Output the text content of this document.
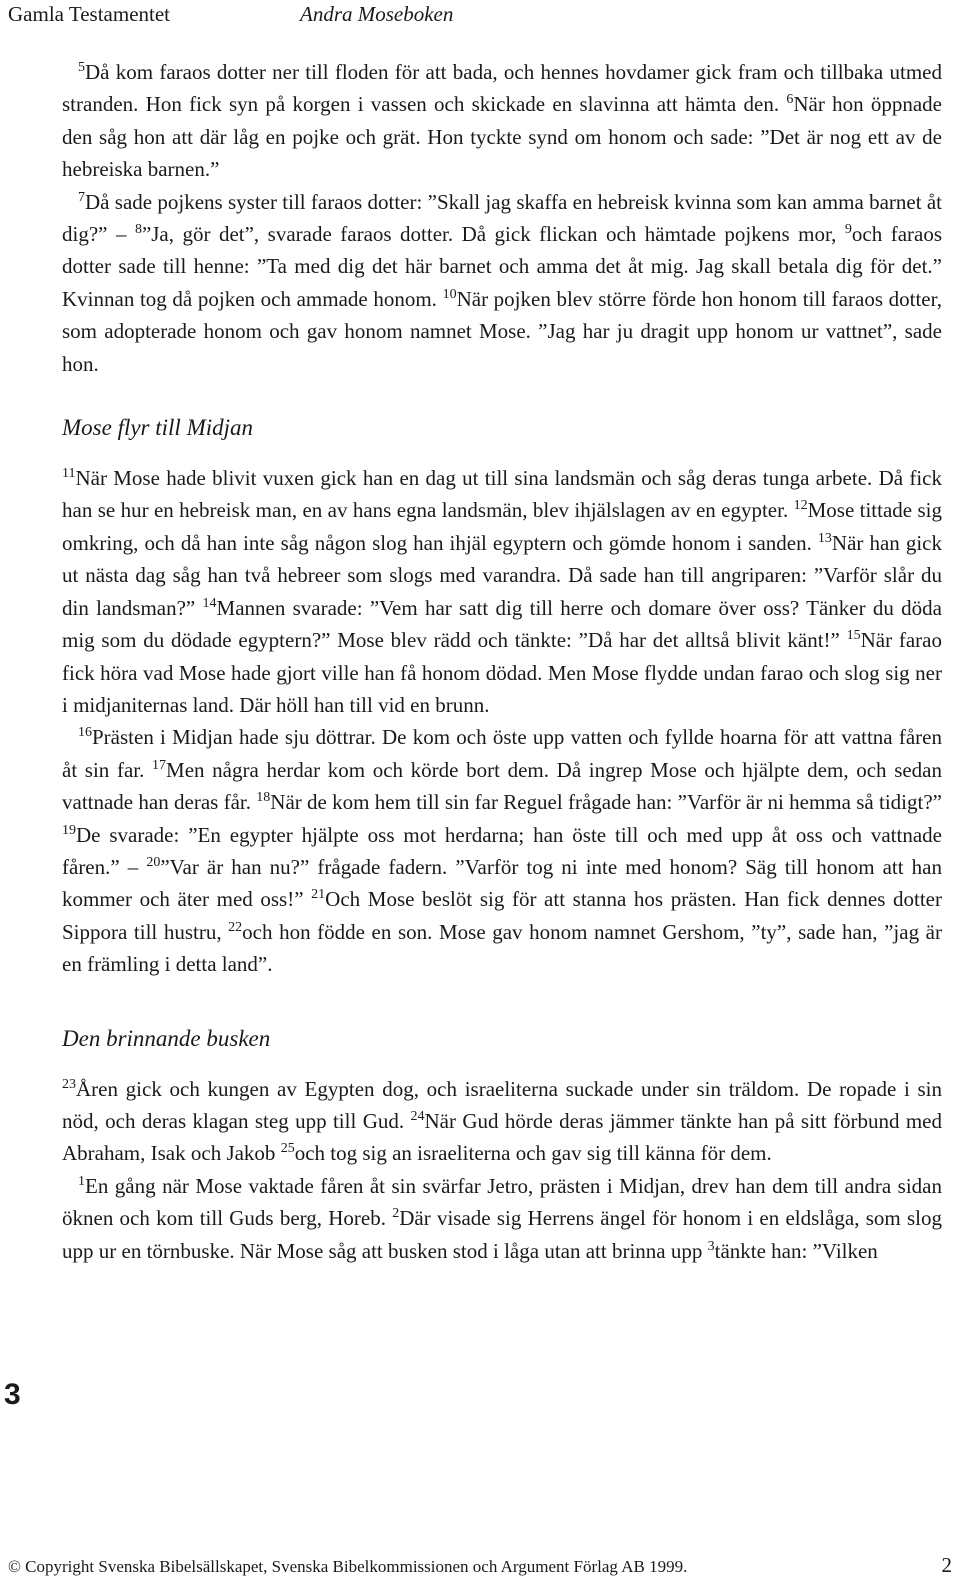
Gamla Testamentet	Andra Moseboken

$^5$Då kom faraos dotter ner till floden för att bada, och hennes hovdamer gick fram och tillbaka utmed stranden. Hon fick syn på korgen i vassen och skickade en slavinna att hämta den. $^6$När hon öppnade den såg hon att där låg en pojke och grät. Hon tyckte synd om honom och sade: ”Det är nog ett av de hebreiska barnen.”

$^7$Då sade pojkens syster till faraos dotter: ”Skall jag skaffa en hebreisk kvinna som kan amma barnet åt dig?” – $^8$”Ja, gör det”, svarade faraos dotter. Då gick flickan och hämtade pojkens mor, $^9$och faraos dotter sade till henne: ”Ta med dig det här barnet och amma det åt mig. Jag skall betala dig för det.” Kvinnan tog då pojken och ammade honom. $^{10}$När pojken blev större förde hon honom till faraos dotter, som adopterade honom och gav honom namnet Mose. ”Jag har ju dragit upp honom ur vattnet”, sade hon.

Mose flyr till Midjan

$^{11}$När Mose hade blivit vuxen gick han en dag ut till sina landsmän och såg deras tunga arbete. Då fick han se hur en hebreisk man, en av hans egna landsmän, blev ihjälslagen av en egypter. $^{12}$Mose tittade sig omkring, och då han inte såg någon slog han ihjäl egyptern och gömde honom i sanden. $^{13}$När han gick ut nästa dag såg han två hebreer som slogs med varandra. Då sade han till angriparen: ”Varför slår du din landsman?” $^{14}$Mannen svarade: ”Vem har satt dig till herre och domare över oss? Tänker du döda mig som du dödade egyptern?” Mose blev rädd och tänkte: ”Då har det alltså blivit känt!” $^{15}$När farao fick höra vad Mose hade gjort ville han få honom dödad. Men Mose flydde undan farao och slog sig ner i midjaniternas land. Där höll han till vid en brunn.

$^{16}$Prästen i Midjan hade sju döttrar. De kom och öste upp vatten och fyllde hoarna för att vattna fåren åt sin far. $^{17}$Men några herdar kom och körde bort dem. Då ingrep Mose och hjälpte dem, och sedan vattnade han deras får. $^{18}$När de kom hem till sin far Reguel frågade han: ”Varför är ni hemma så tidigt?” $^{19}$De svarade: ”En egypter hjälpte oss mot herdarna; han öste till och med upp åt oss och vattnade fåren.” – $^{20}$”Var är han nu?” frågade fadern. ”Varför tog ni inte med honom? Säg till honom att han kommer och äter med oss!” $^{21}$Och Mose beslöt sig för att stanna hos prästen. Han fick dennes dotter Sippora till hustru, $^{22}$och hon födde en son. Mose gav honom namnet Gershom, ”ty”, sade han, ”jag är en främling i detta land”.

Den brinnande busken

$^{23}$Åren gick och kungen av Egypten dog, och israeliterna suckade under sin träldom. De ropade i sin nöd, och deras klagan steg upp till Gud. $^{24}$När Gud hörde deras jämmer tänkte han på sitt förbund med Abraham, Isak och Jakob $^{25}$och tog sig an israeliterna och gav sig till känna för dem.

$^1$En gång när Mose vaktade fåren åt sin svärfar Jetro, prästen i Midjan, drev han dem till andra sidan öknen och kom till Guds berg, Horeb. $^2$Där visade sig Herrens ängel för honom i en eldslåga, som slog upp ur en törnbuske. När Mose såg att busken stod i låga utan att brinna upp $^3$tänkte han: ”Vilken

3
© Copyright Svenska Bibelsällskapet, Svenska Bibelkommissionen och Argument Förlag AB 1999.	2
